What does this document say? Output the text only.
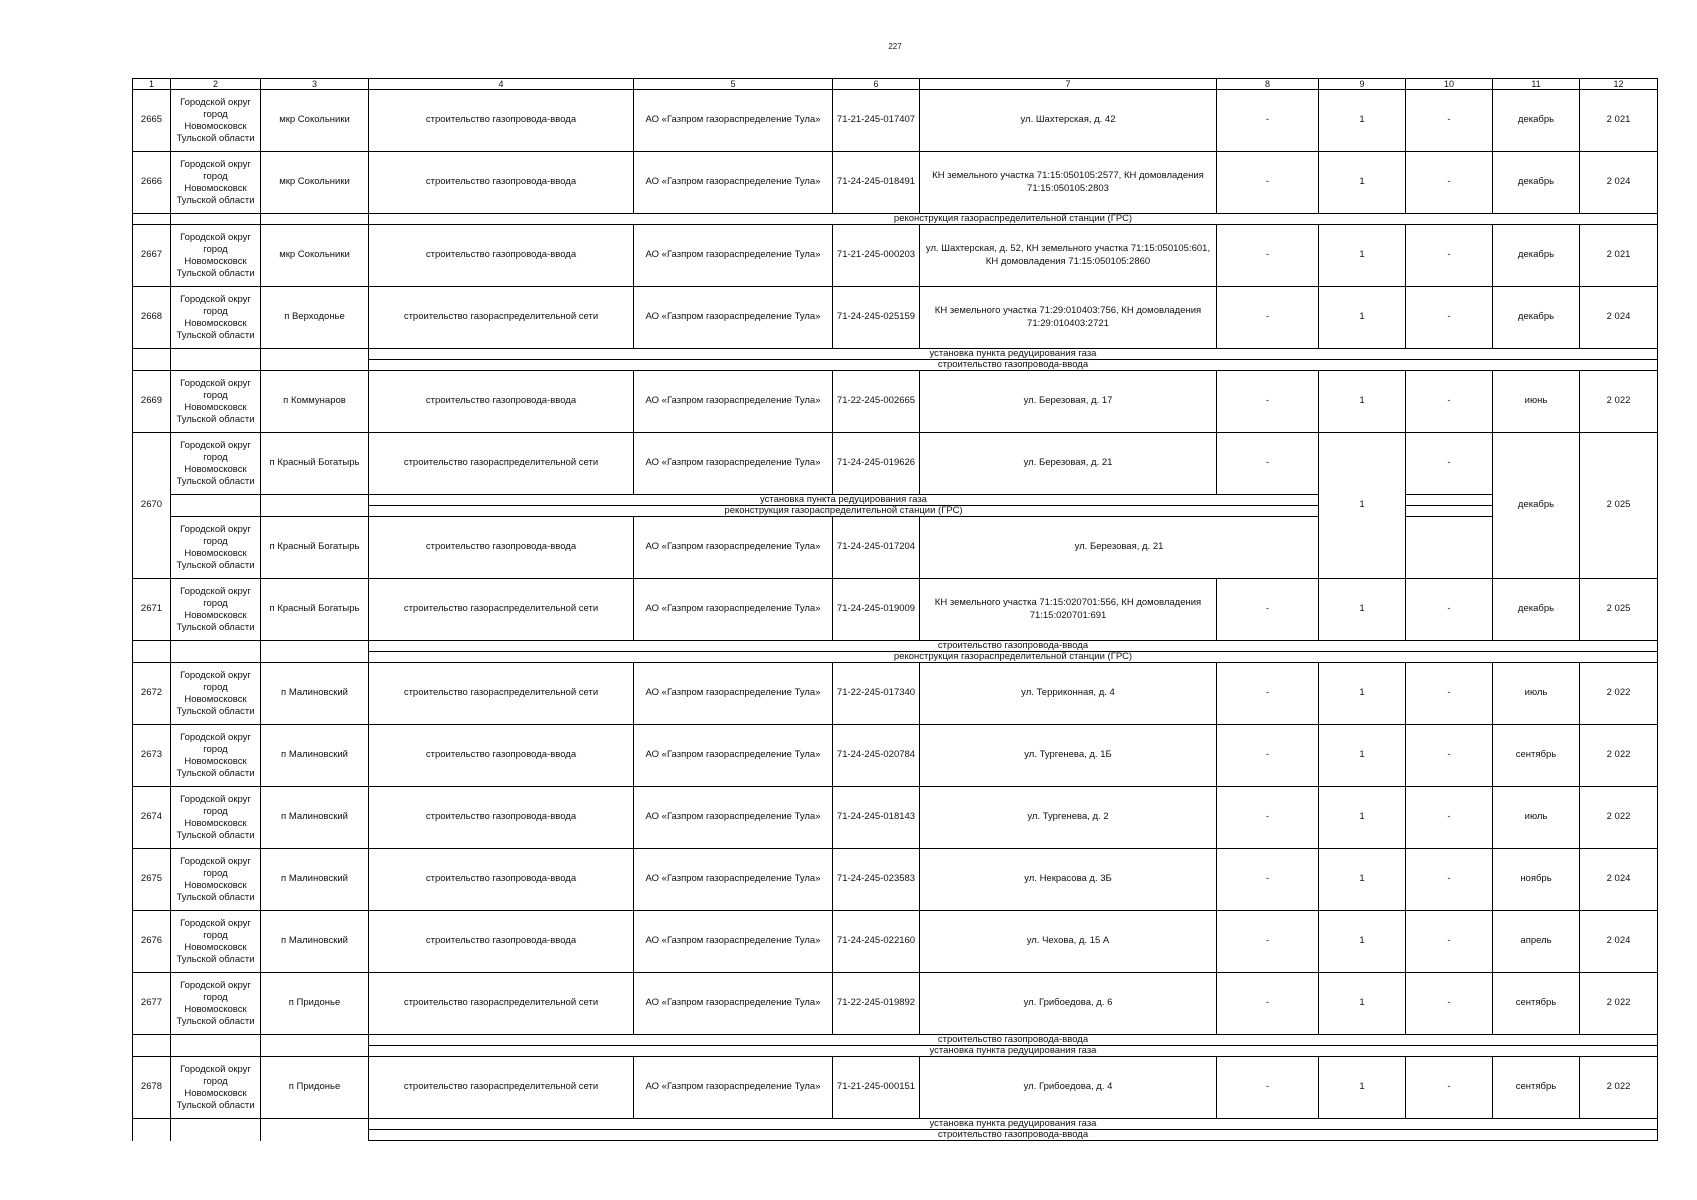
227
1	2	3	4	5	6	7	8	9	10	11	12
2665	Городской округ город Новомосковск Тульской области	мкр Сокольники	строительство газопровода-ввода	АО «Газпром газораспределение Тула»	71-21-245-017407	ул. Шахтерская, д. 42	-	1	-	декабрь	2 021
2666	Городской округ город Новомосковск Тульской области	мкр Сокольники	строительство газопровода-ввода	АО «Газпром газораспределение Тула»	71-24-245-018491	КН земельного участка 71:15:050105:2577, КН домовладения 71:15:050105:2803	-	1	-	декабрь	2 024
			реконструкция газораспределительной станции (ГРС)								
2667	Городской округ город Новомосковск Тульской области	мкр Сокольники	строительство газопровода-ввода	АО «Газпром газораспределение Тула»	71-21-245-000203	ул. Шахтерская, д. 52, КН земельного участка 71:15:050105:601, КН домовладения 71:15:050105:2860	-	1	-	декабрь	2 021
2668	Городской округ город Новомосковск Тульской области	п Верходонье	строительство газораспределительной сети	АО «Газпром газораспределение Тула»	71-24-245-025159	КН земельного участка 71:29:010403:756, КН домовладения 71:29:010403:2721	-	1	-	декабрь	2 024
			установка пункта редуцирования газа								
			строительство газопровода-ввода								
2669	Городской округ город Новомосковск Тульской области	п Коммунаров	строительство газопровода-ввода	АО «Газпром газораспределение Тула»	71-22-245-002665	ул. Березовая, д. 17	-	1	-	июнь	2 022
2670	Городской округ город Новомосковск Тульской области	п Красный Богатырь	строительство газораспределительной сети	АО «Газпром газораспределение Тула»	71-24-245-019626	ул. Березовая, д. 21	-	1	-	декабрь	2 025
			установка пункта редуцирования газа								
			реконструкция газораспределительной станции (ГРС)								
	Городской округ город Новомосковск Тульской области	п Красный Богатырь	строительство газопровода-ввода	АО «Газпром газораспределение Тула»	71-24-245-017204	ул. Березовая, д. 21					
2671	Городской округ город Новомосковск Тульской области	п Красный Богатырь	строительство газораспределительной сети	АО «Газпром газораспределение Тула»	71-24-245-019009	КН земельного участка 71:15:020701:556, КН домовладения 71:15:020701:691	-	1	-	декабрь	2 025
			строительство газопровода-ввода								
			реконструкция газораспределительной станции (ГРС)								
2672	Городской округ город Новомосковск Тульской области	п Малиновский	строительство газораспределительной сети	АО «Газпром газораспределение Тула»	71-22-245-017340	ул. Терриконная, д. 4	-	1	-	июль	2 022
2673	Городской округ город Новомосковск Тульской области	п Малиновский	строительство газопровода-ввода	АО «Газпром газораспределение Тула»	71-24-245-020784	ул. Тургенева, д. 1Б	-	1	-	сентябрь	2 022
2674	Городской округ город Новомосковск Тульской области	п Малиновский	строительство газопровода-ввода	АО «Газпром газораспределение Тула»	71-24-245-018143	ул. Тургенева, д. 2	-	1	-	июль	2 022
2675	Городской округ город Новомосковск Тульской области	п Малиновский	строительство газопровода-ввода	АО «Газпром газораспределение Тула»	71-24-245-023583	ул. Некрасова д. 3Б	-	1	-	ноябрь	2 024
2676	Городской округ город Новомосковск Тульской области	п Малиновский	строительство газопровода-ввода	АО «Газпром газораспределение Тула»	71-24-245-022160	ул. Чехова, д. 15 А	-	1	-	апрель	2 024
2677	Городской округ город Новомосковск Тульской области	п Придонье	строительство газораспределительной сети	АО «Газпром газораспределение Тула»	71-22-245-019892	ул. Грибоедова, д. 6	-	1	-	сентябрь	2 022
			строительство газопровода-ввода								
			установка пункта редуцирования газа								
2678	Городской округ город Новомосковск Тульской области	п Придонье	строительство газораспределительной сети	АО «Газпром газораспределение Тула»	71-21-245-000151	ул. Грибоедова, д. 4	-	1	-	сентябрь	2 022
			установка пункта редуцирования газа								
			строительство газопровода-ввода								
